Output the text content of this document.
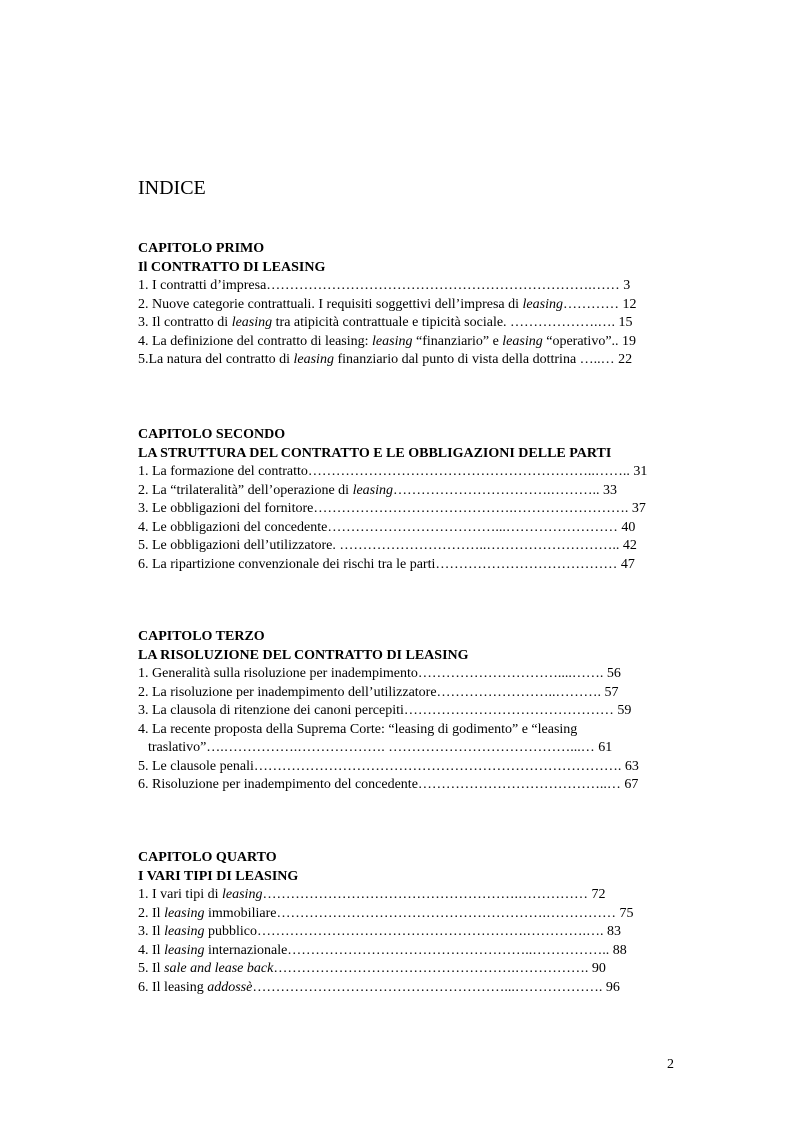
INDICE
CAPITOLO PRIMO
Il CONTRATTO DI LEASING
1. I contratti d’impresa…………………………………………………………….…… 3
2. Nuove categorie contrattuali. I requisiti soggettivi dell’impresa di leasing………… 12
3. Il contratto di leasing tra atipicità contrattuale e tipicità sociale. ……………….…. 15
4. La definizione del contratto di leasing: leasing “finanziario” e leasing “operativo”.. 19
5.La natura del contratto di leasing finanziario dal punto di vista della dottrina …..… 22
CAPITOLO SECONDO
LA STRUTTURA DEL CONTRATTO E LE OBBLIGAZIONI DELLE PARTI
1. La formazione del contratto……………………………………………………..…….. 31
2. La “trilateralità” dell’operazione di leasing…………………………….……….. 33
3. Le obbligazioni del fornitore…………………………………….……………………. 37
4. Le obbligazioni del concedente………………………………...…………………… 40
5. Le obbligazioni dell’utilizzatore. …………………………..……………………….. 42
6. La ripartizione convenzionale dei rischi tra le parti………………………………… 47
CAPITOLO TERZO
LA RISOLUZIONE DEL CONTRATTO DI LEASING
1. Generalità sulla risoluzione per inadempimento…………………………....……. 56
2. La risoluzione per inadempimento dell’utilizzatore……………………..………. 57
3. La clausola di ritenzione dei canoni percepiti……………………………………… 59
4. La recente proposta della Suprema Corte: “leasing di godimento” e “leasing
traslativo”….…………….………………. …………………………………...… 61
5. Le clausole penali……………………………………………………………………. 63
6. Risoluzione per inadempimento del concedente…………………………………..… 67
CAPITOLO QUARTO
I VARI TIPI DI LEASING
1. I vari tipi di leasing……………………………………………….…………… 72
2. Il leasing immobiliare………………………………………………….…………… 75
3. Il leasing pubblico………………………………………………….………….…. 83
4. Il leasing internazionale……………………………………………..…………….. 88
5. Il sale and lease back…………………………………………….……………. 90
6. Il leasing addossè………………………………………………...………………. 96
2
